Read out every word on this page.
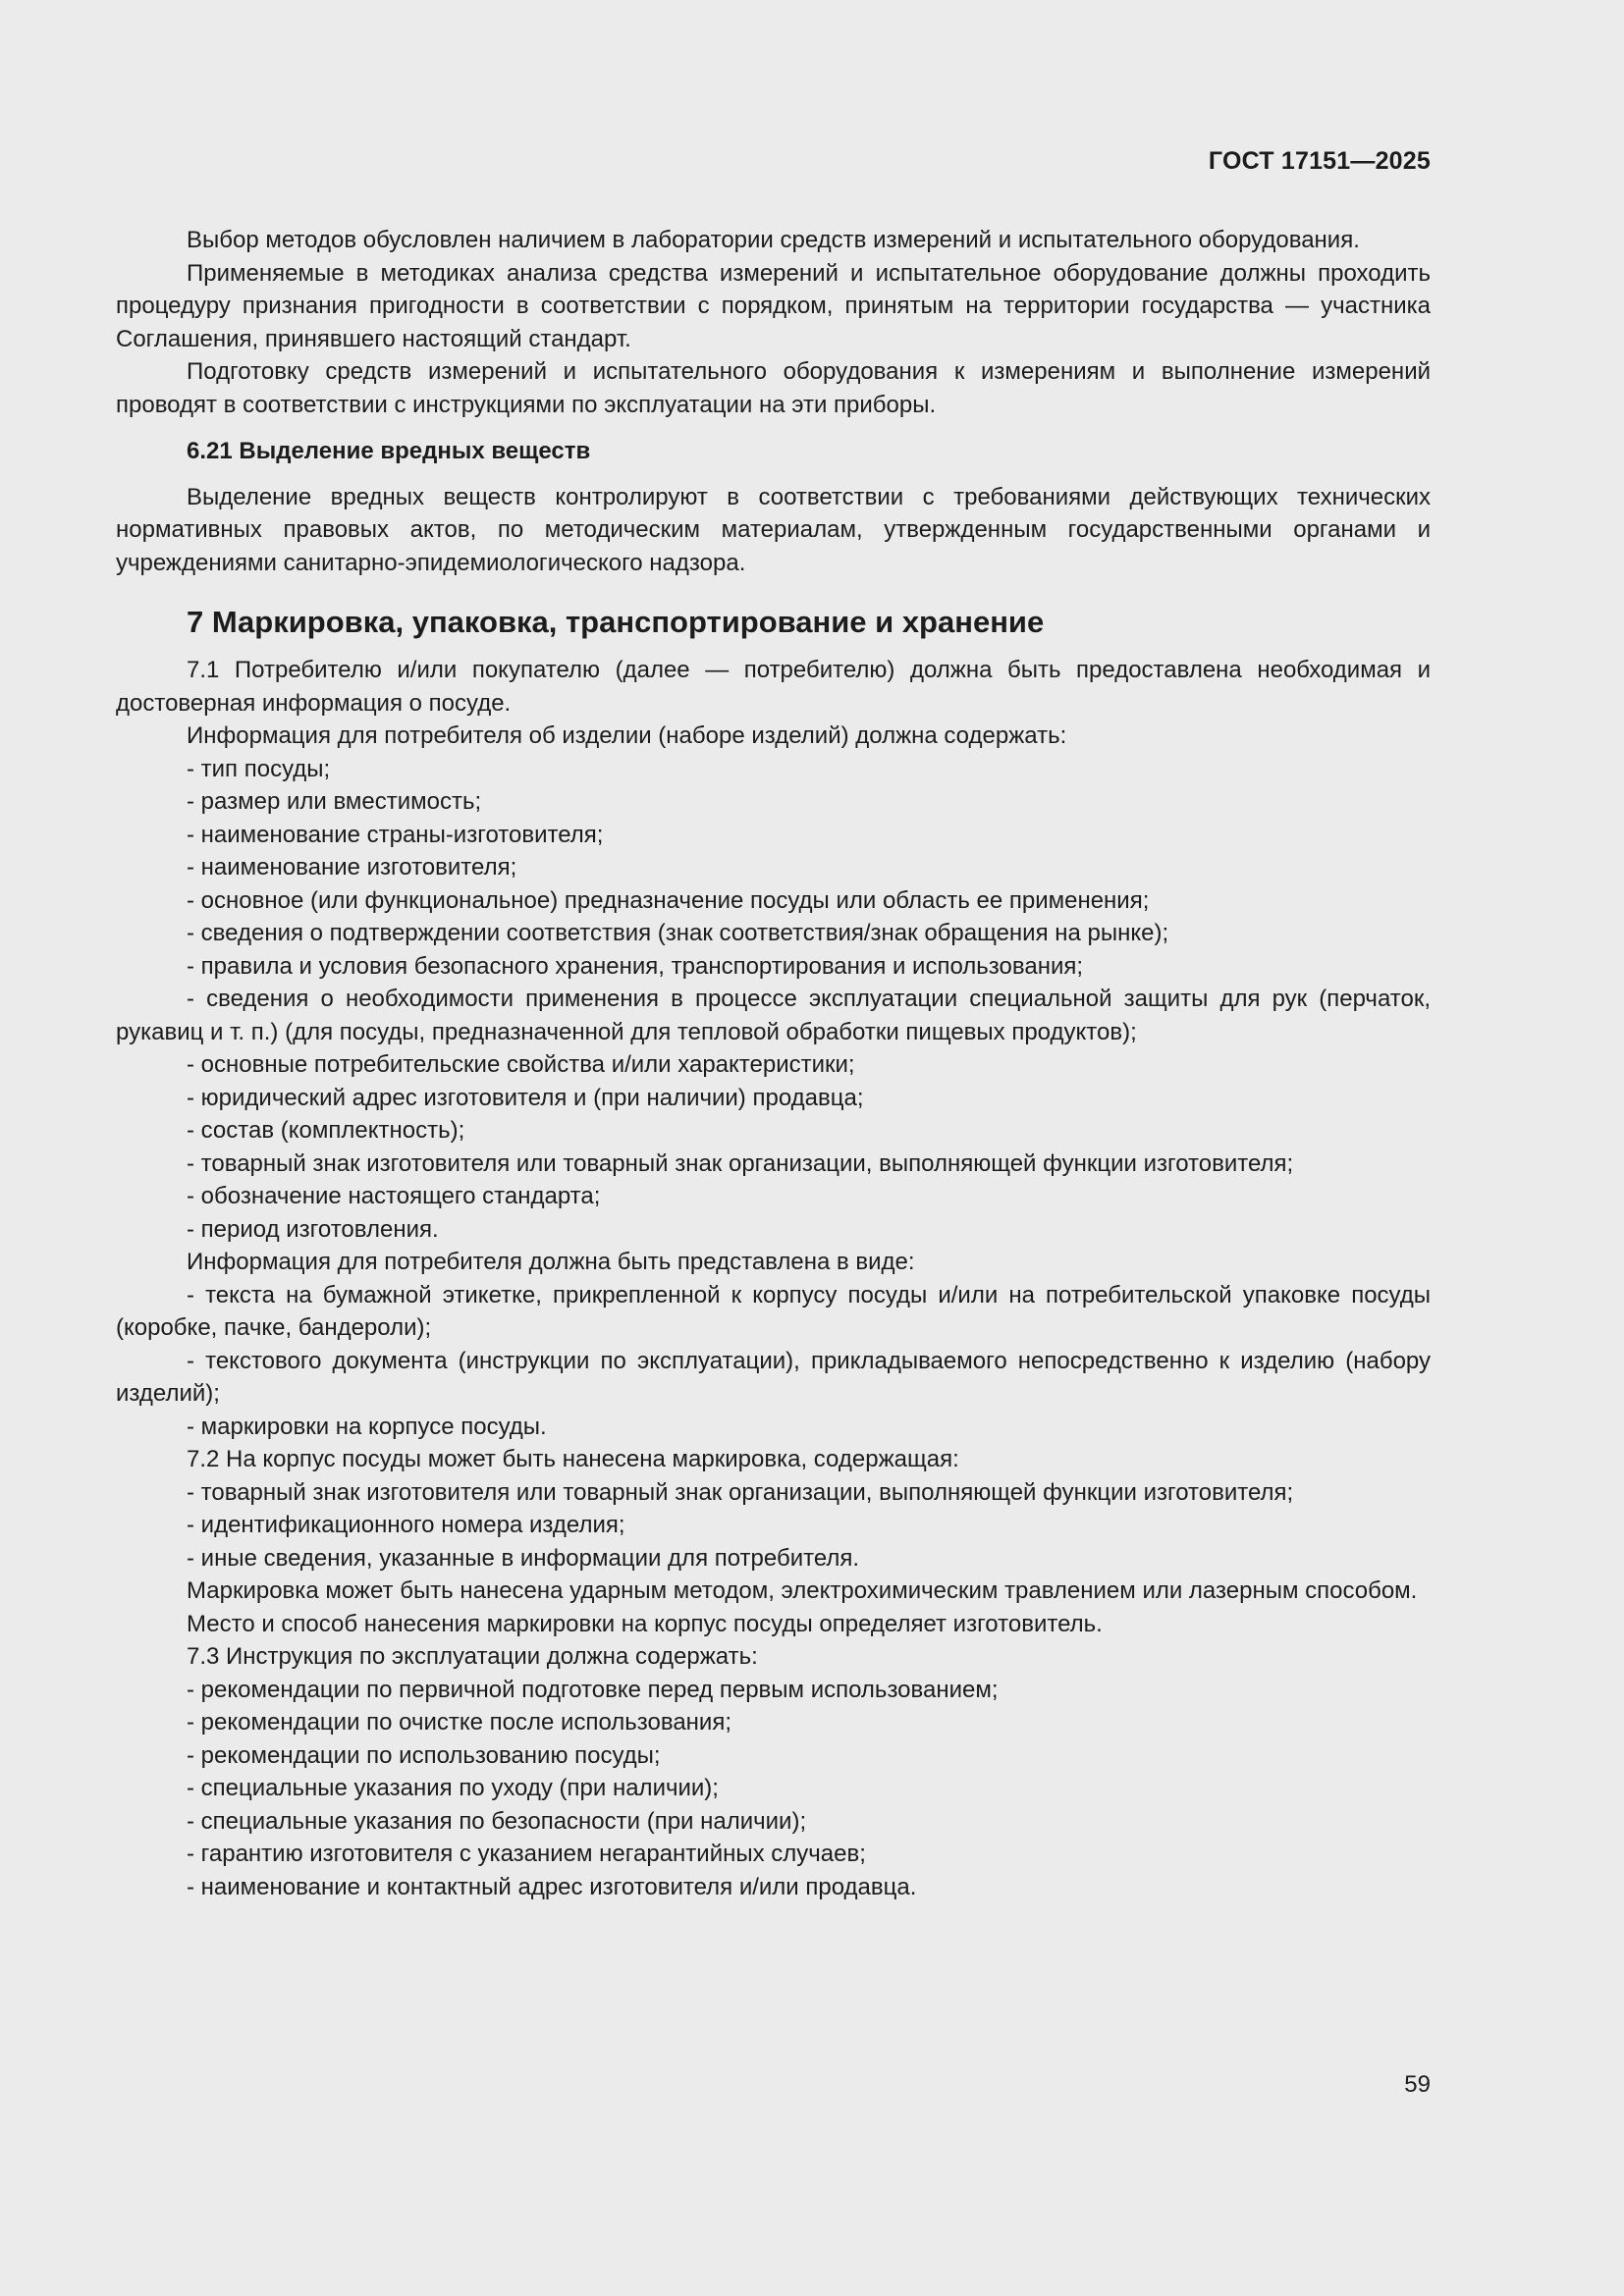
ГОСТ 17151—2025

Выбор методов обусловлен наличием в лаборатории средств измерений и испытательного оборудования.

Применяемые в методиках анализа средства измерений и испытательное оборудование должны проходить процедуру признания пригодности в соответствии с порядком, принятым на территории государства — участника Соглашения, принявшего настоящий стандарт.

Подготовку средств измерений и испытательного оборудования к измерениям и выполнение измерений проводят в соответствии с инструкциями по эксплуатации на эти приборы.

6.21 Выделение вредных веществ

Выделение вредных веществ контролируют в соответствии с требованиями действующих технических нормативных правовых актов, по методическим материалам, утвержденным государственными органами и учреждениями санитарно-эпидемиологического надзора.

7 Маркировка, упаковка, транспортирование и хранение

7.1 Потребителю и/или покупателю (далее — потребителю) должна быть предоставлена необходимая и достоверная информация о посуде.

Информация для потребителя об изделии (наборе изделий) должна содержать:

- тип посуды;

- размер или вместимость;

- наименование страны-изготовителя;

- наименование изготовителя;

- основное (или функциональное) предназначение посуды или область ее применения;

- сведения о подтверждении соответствия (знак соответствия/знак обращения на рынке);

- правила и условия безопасного хранения, транспортирования и использования;

- сведения о необходимости применения в процессе эксплуатации специальной защиты для рук (перчаток, рукавиц и т. п.) (для посуды, предназначенной для тепловой обработки пищевых продуктов);

- основные потребительские свойства и/или характеристики;

- юридический адрес изготовителя и (при наличии) продавца;

- состав (комплектность);

- товарный знак изготовителя или товарный знак организации, выполняющей функции изготовителя;

- обозначение настоящего стандарта;

- период изготовления.

Информация для потребителя должна быть представлена в виде:

- текста на бумажной этикетке, прикрепленной к корпусу посуды и/или на потребительской упаковке посуды (коробке, пачке, бандероли);

- текстового документа (инструкции по эксплуатации), прикладываемого непосредственно к изделию (набору изделий);

- маркировки на корпусе посуды.

7.2 На корпус посуды может быть нанесена маркировка, содержащая:

- товарный знак изготовителя или товарный знак организации, выполняющей функции изготовителя;

- идентификационного номера изделия;

- иные сведения, указанные в информации для потребителя.

Маркировка может быть нанесена ударным методом, электрохимическим травлением или лазерным способом.

Место и способ нанесения маркировки на корпус посуды определяет изготовитель.

7.3 Инструкция по эксплуатации должна содержать:

- рекомендации по первичной подготовке перед первым использованием;

- рекомендации по очистке после использования;

- рекомендации по использованию посуды;

- специальные указания по уходу (при наличии);

- специальные указания по безопасности (при наличии);

- гарантию изготовителя с указанием негарантийных случаев;

- наименование и контактный адрес изготовителя и/или продавца.

59
